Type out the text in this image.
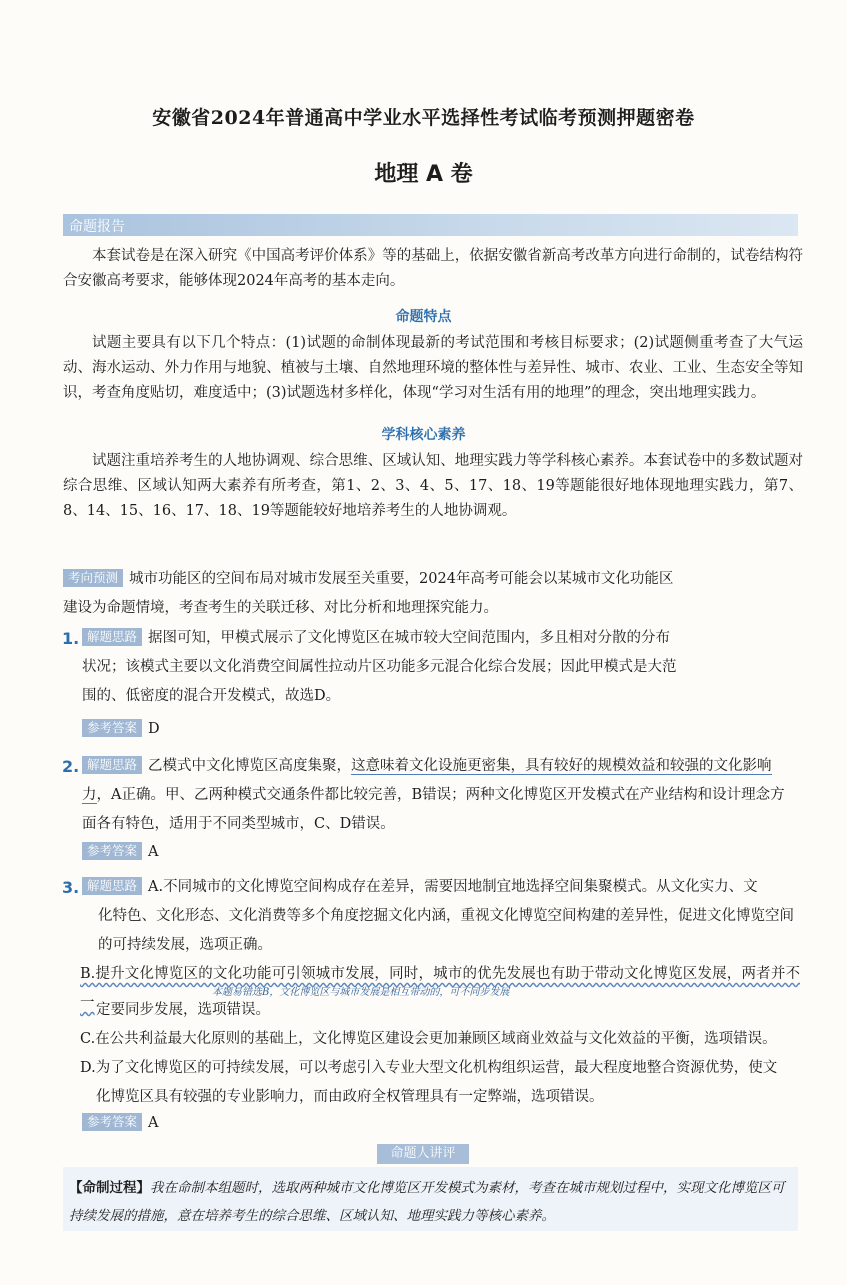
安徽省2024年普通高中学业水平选择性考试临考预测押题密卷
地理 A 卷
命题报告

本套试卷是在深入研究《中国高考评价体系》等的基础上，依据安徽省新高考改革方向进行命制的，试卷结构符合安徽高考要求，能够体现2024年高考的基本走向。

命题特点

试题主要具有以下几个特点：(1)试题的命制体现最新的考试范围和考核目标要求；(2)试题侧重考查了大气运动、海水运动、外力作用与地貌、植被与土壤、自然地理环境的整体性与差异性、城市、农业、工业、生态安全等知识，考查角度贴切，难度适中；(3)试题选材多样化，体现“学习对生活有用的地理”的理念，突出地理实践力。

学科核心素养

试题注重培养考生的人地协调观、综合思维、区域认知、地理实践力等学科核心素养。本套试卷中的多数试题对综合思维、区域认知两大素养有所考查，第1、2、3、4、5、17、18、19等题能很好地体现地理实践力，第7、8、14、15、16、17、18、19等题能较好地培养考生的人地协调观。

考向预测 城市功能区的空间布局对城市发展至关重要，2024年高考可能会以某城市文化功能区
建设为命题情境，考查考生的关联迁移、对比分析和地理探究能力。

1. 解题思路 据图可知，甲模式展示了文化博览区在城市较大空间范围内，多且相对分散的分布
状况；该模式主要以文化消费空间属性拉动片区功能多元混合化综合发展；因此甲模式是大范
围的、低密度的混合开发模式，故选D。

参考答案 D
2. 解题思路 乙模式中文化博览区高度集聚，这意味着文化设施更密集，具有较好的规模效益和较强的文化影响
力，A正确。甲、乙两种模式交通条件都比较完善，B错误；两种文化博览区开发模式在产业结构和设计理念方
面各有特色，适用于不同类型城市，C、D错误。

参考答案 A
3. 解题思路 A.不同城市的文化博览空间构成存在差异，需要因地制宜地选择空间集聚模式。从文化实力、文
化特色、文化形态、文化消费等多个角度挖掘文化内涵，重视文化博览空间构建的差异性，促进文化博览空间
的可持续发展，选项正确。

B.提升文化博览区的文化功能可引领城市发展，同时，城市的优先发展也有助于带动文化博览区发展，两者并不一

本题易错选B，文化博览区与城市发展是相互带动的，可不同步发展

定要同步发展，选项错误。

C.在公共利益最大化原则的基础上，文化博览区建设会更加兼顾区域商业效益与文化效益的平衡，选项错误。

D.为了文化博览区的可持续发展，可以考虑引入专业大型文化机构组织运营，最大程度地整合资源优势，使文
化博览区具有较强的专业影响力，而由政府全权管理具有一定弊端，选项错误。

参考答案 A
命题人讲评

【命制过程】我在命制本组题时，选取两种城市文化博览区开发模式为素材，考查在城市规划过程中，实现文化博览区可持续发展的措施，意在培养考生的综合思维、区域认知、地理实践力等核心素养。
